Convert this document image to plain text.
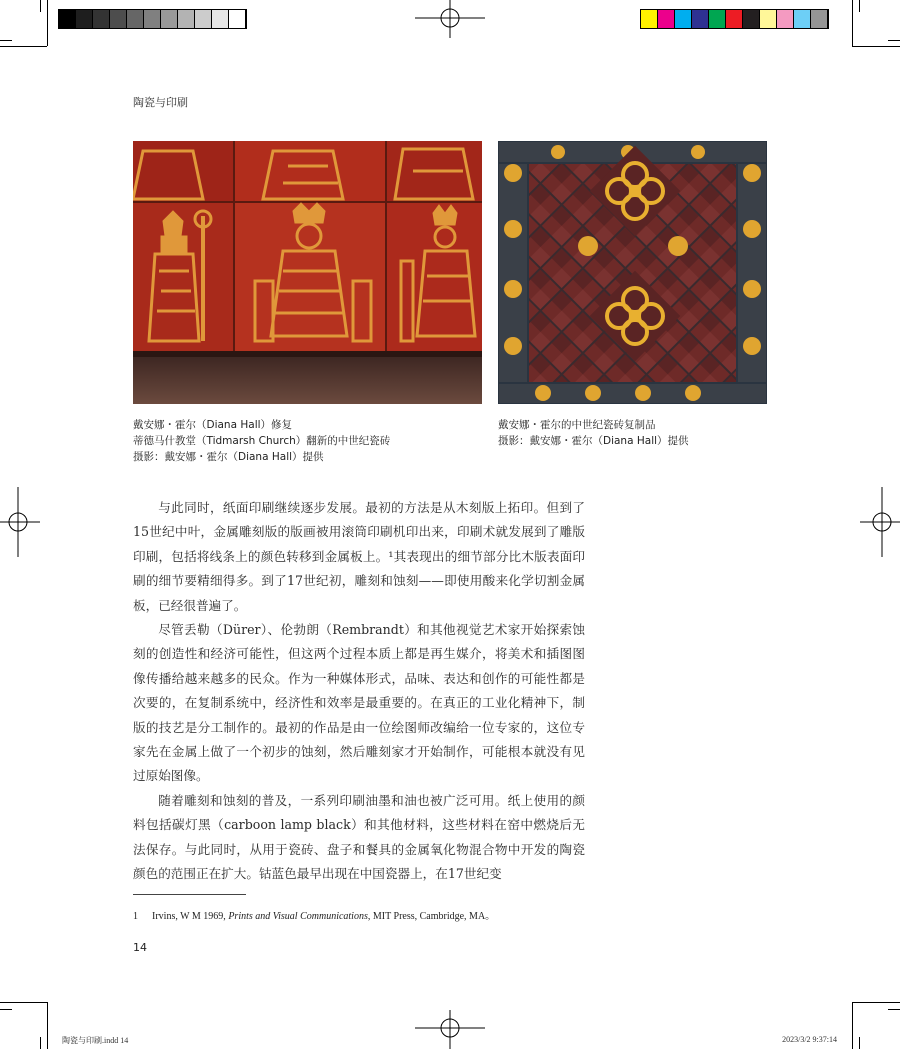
陶瓷与印刷
戴安娜・霍尔（Diana Hall）修复
蒂德马什教堂（Tidmarsh Church）翻新的中世纪瓷砖
摄影：戴安娜・霍尔（Diana Hall）提供
戴安娜・霍尔的中世纪瓷砖复制品
摄影：戴安娜・霍尔（Diana Hall）提供

与此同时，纸面印刷继续逐步发展。最初的方法是从木刻版上拓印。但到了15世纪中叶，金属雕刻版的版画被用滚筒印刷机印出来，印刷术就发展到了雕版印刷，包括将线条上的颜色转移到金属板上。¹其表现出的细节部分比木版表面印刷的细节要精细得多。到了17世纪初，雕刻和蚀刻——即使用酸来化学切割金属板，已经很普遍了。

尽管丢勒（Dürer）、伦勃朗（Rembrandt）和其他视觉艺术家开始探索蚀刻的创造性和经济可能性，但这两个过程本质上都是再生媒介，将美术和插图图像传播给越来越多的民众。作为一种媒体形式，品味、表达和创作的可能性都是次要的，在复制系统中，经济性和效率是最重要的。在真正的工业化精神下，制版的技艺是分工制作的。最初的作品是由一位绘图师改编给一位专家的，这位专家先在金属上做了一个初步的蚀刻，然后雕刻家才开始制作，可能根本就没有见过原始图像。

随着雕刻和蚀刻的普及，一系列印刷油墨和油也被广泛可用。纸上使用的颜料包括碳灯黑（carboon lamp black）和其他材料，这些材料在窑中燃烧后无法保存。与此同时，从用于瓷砖、盘子和餐具的金属氧化物混合物中开发的陶瓷颜色的范围正在扩大。钴蓝色最早出现在中国瓷器上，在17世纪变

1 Irvins, W M 1969, Prints and Visual Communications, MIT Press, Cambridge, MA。
14
陶瓷与印刷.indd 14	2023/3/2 9:37:14
